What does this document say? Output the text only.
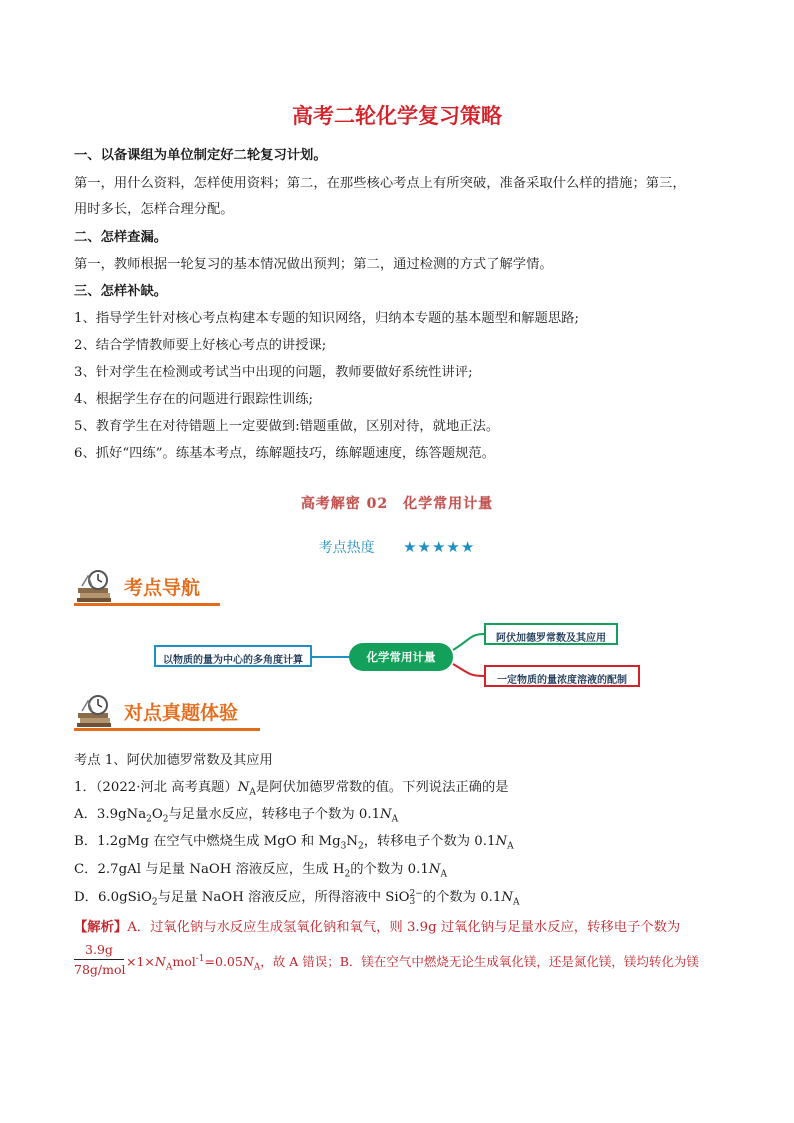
高考二轮化学复习策略
一、以备课组为单位制定好二轮复习计划。
第一，用什么资料，怎样使用资料；第二，在那些核心考点上有所突破，准备采取什么样的措施；第三，
用时多长，怎样合理分配。
二、怎样查漏。
第一，教师根据一轮复习的基本情况做出预判；第二，通过检测的方式了解学情。
三、怎样补缺。
1、指导学生针对核心考点构建本专题的知识网络，归纳本专题的基本题型和解题思路;
2、结合学情教师要上好核心考点的讲授课;
3、针对学生在检测或考试当中出现的问题，教师要做好系统性讲评;
4、根据学生存在的问题进行跟踪性训练;
5、教育学生在对待错题上一定要做到:错题重做，区别对待，就地正法。
6、抓好“四练”。练基本考点，练解题技巧，练解题速度，练答题规范。
高考解密 02　化学常用计量
考点热度 ★★★★★
考点导航
以物质的量为中心的多角度计算	化学常用计量
阿伏加德罗常数及其应用
一定物质的量浓度溶液的配制
对点真题体验
考点 1、阿伏加德罗常数及其应用
1．（2022·河北 高考真题）$N_A$是阿伏加德罗常数的值。下列说法正确的是
A．$3.9gNa_2O_2$与足量水反应，转移电子个数为 $0.1N_A$
B．1.2gMg 在空气中燃烧生成 MgO 和 $Mg_3N_2$，转移电子个数为 $0.1N_A$
C．2.7gAl 与足量 NaOH 溶液反应，生成 $H_2$的个数为 $0.1N_A$
D．6.0gSiO$_2$与足量 NaOH 溶液反应，所得溶液中 SiO2−
3 的个数为 $0.1N_A$
【解析】A．过氧化钠与水反应生成氢氧化钠和氧气，则 3.9g 过氧化钠与足量水反应，转移电子个数为
3.9g
78g/mol
$\times 1\times N_Amol^{-1}=0.05N_A$，故 A 错误；B．镁在空气中燃烧无论生成氧化镁，还是氮化镁，镁均转化为镁
